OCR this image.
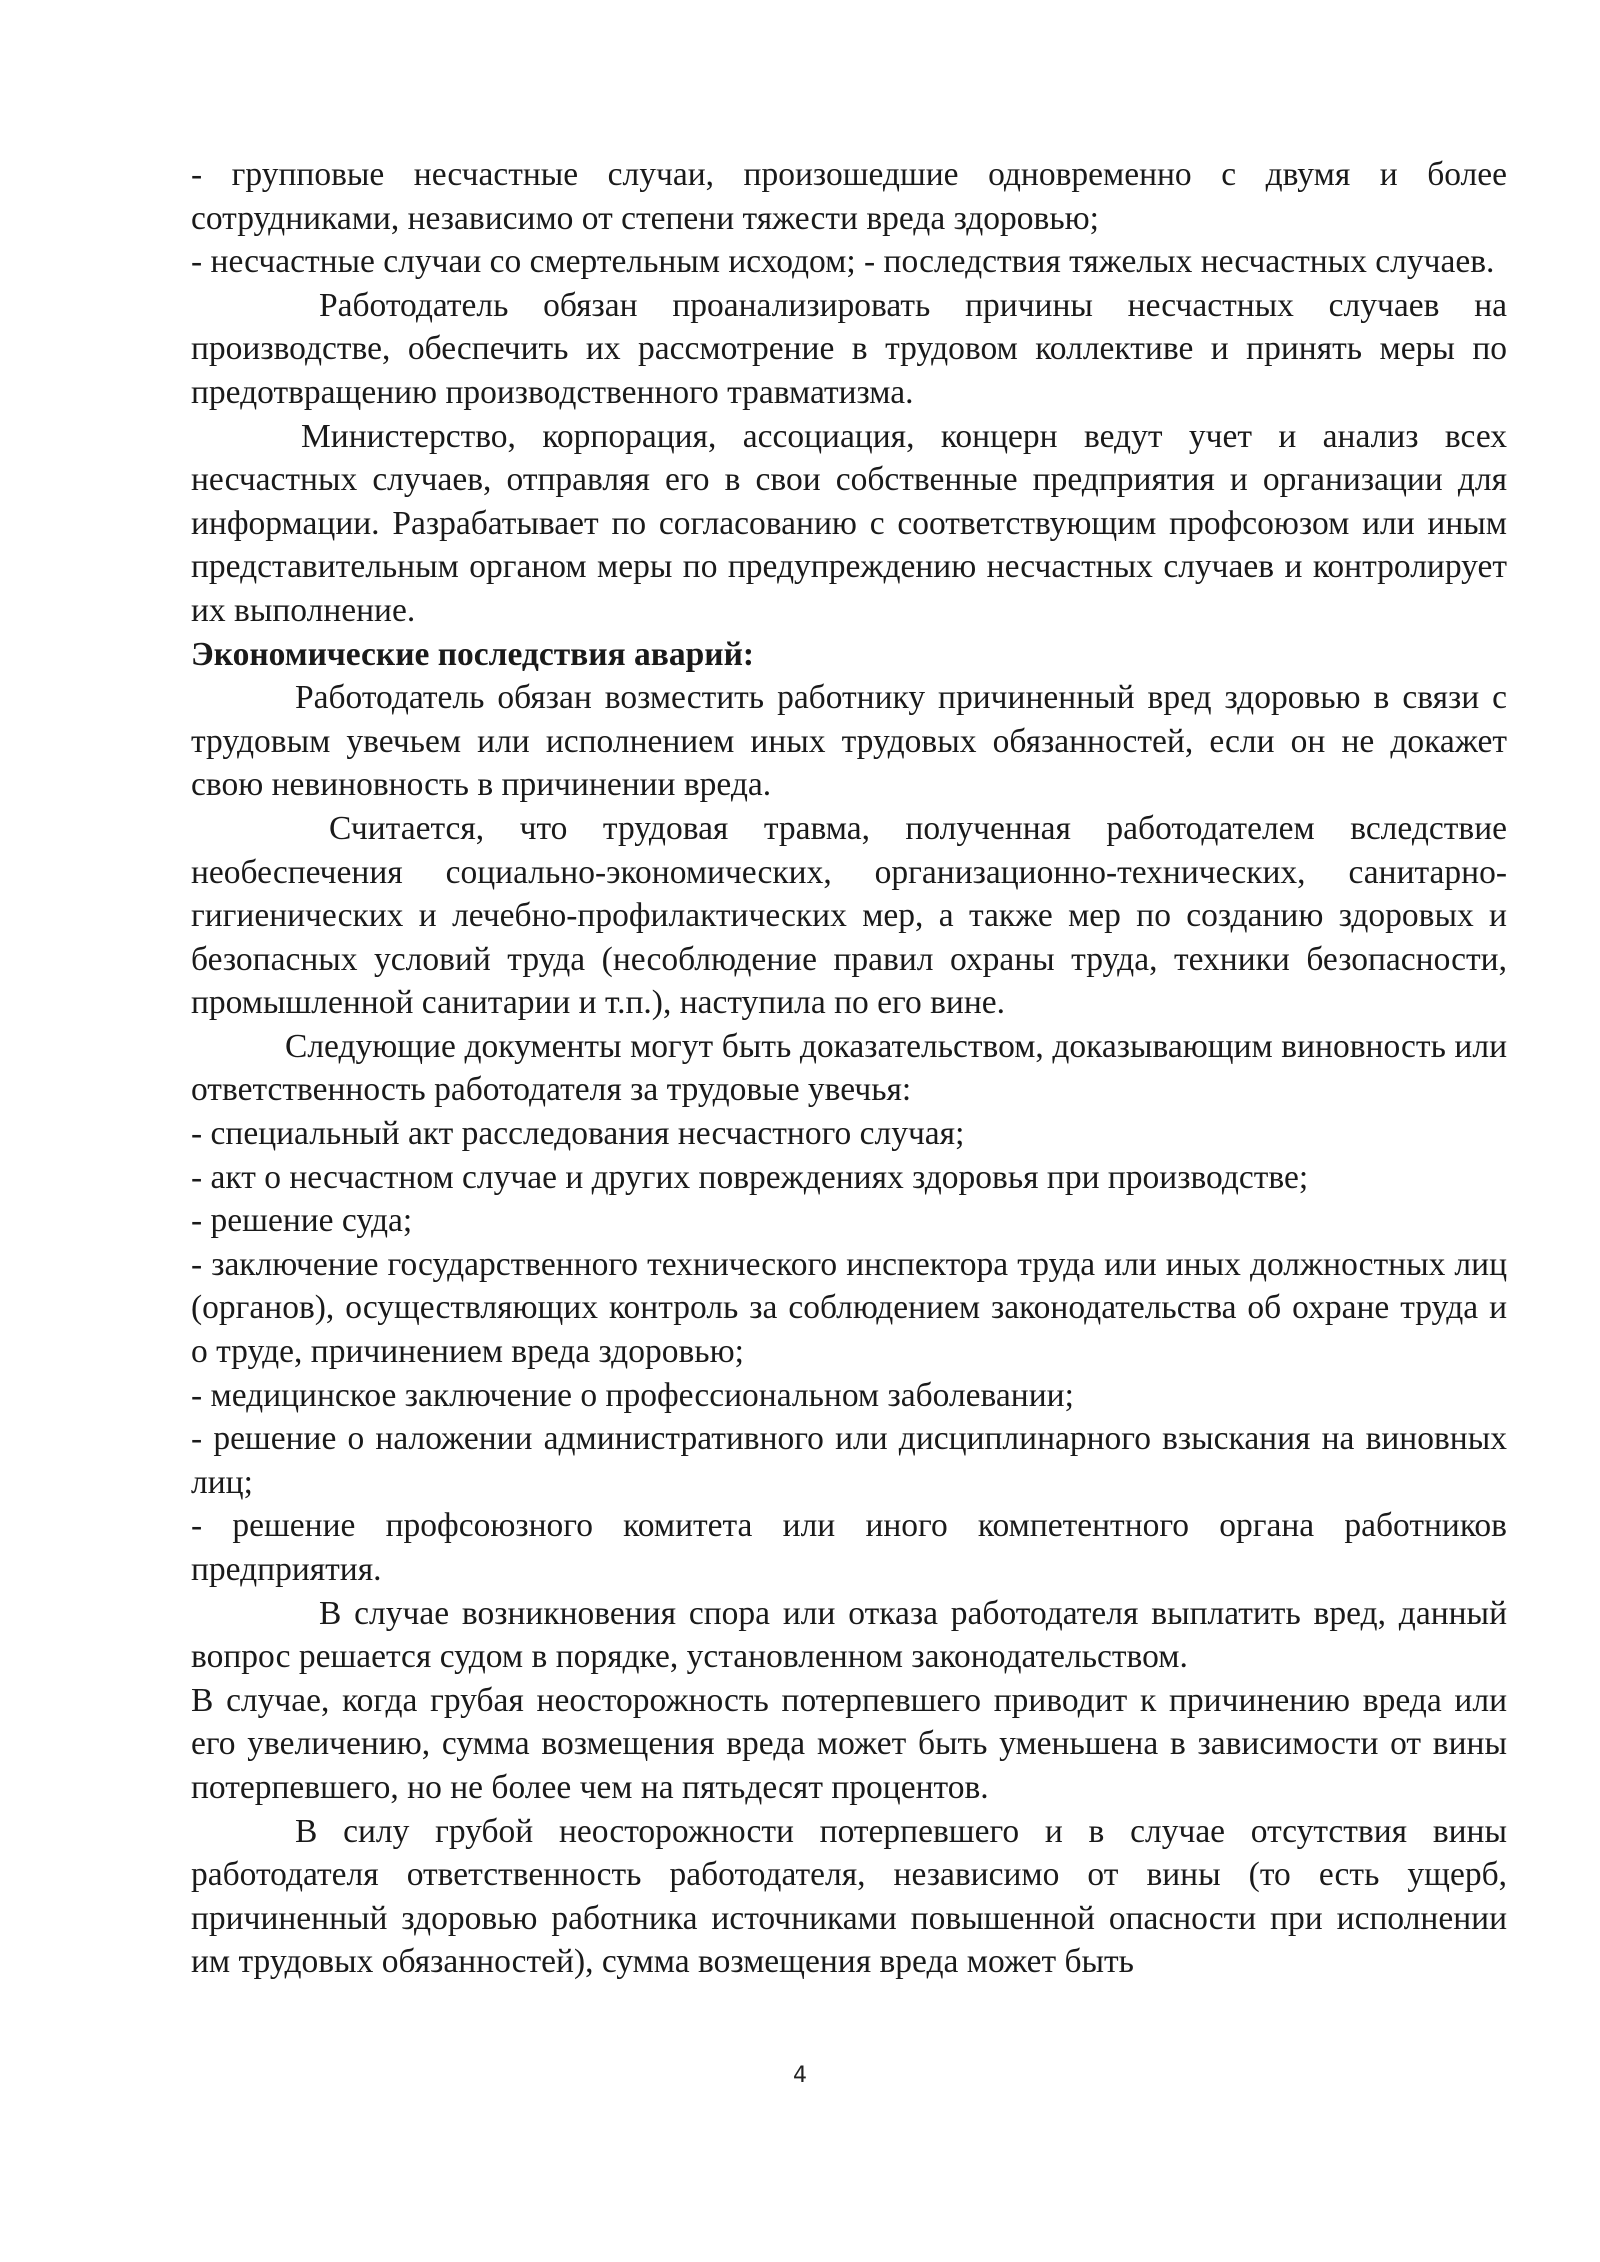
- групповые несчастные случаи, произошедшие одновременно с двумя и более сотрудниками, независимо от степени тяжести вреда здоровью;

- несчастные случаи со смертельным исходом; - последствия тяжелых несчастных случаев.

Работодатель обязан проанализировать причины несчастных случаев на производстве, обеспечить их рассмотрение в трудовом коллективе и принять меры по предотвращению производственного травматизма.

Министерство, корпорация, ассоциация, концерн ведут учет и анализ всех несчастных случаев, отправляя его в свои собственные предприятия и организации для информации. Разрабатывает по согласованию с соответствующим профсоюзом или иным представительным органом меры по предупреждению несчастных случаев и контролирует их выполнение.

Экономические последствия аварий:

Работодатель обязан возместить работнику причиненный вред здоровью в связи с трудовым увечьем или исполнением иных трудовых обязанностей, если он не докажет свою невиновность в причинении вреда.

Считается, что трудовая травма, полученная работодателем вследствие необеспечения социально-экономических, организационно-технических, санитарно-гигиенических и лечебно-профилактических мер, а также мер по созданию здоровых и безопасных условий труда (несоблюдение правил охраны труда, техники безопасности, промышленной санитарии и т.п.), наступила по его вине.

Следующие документы могут быть доказательством, доказывающим виновность или ответственность работодателя за трудовые увечья:

- специальный акт расследования несчастного случая;

- акт о несчастном случае и других повреждениях здоровья при производстве;

- решение суда;

- заключение государственного технического инспектора труда или иных должностных лиц (органов), осуществляющих контроль за соблюдением законодательства об охране труда и о труде, причинением вреда здоровью;

- медицинское заключение о профессиональном заболевании;

- решение о наложении административного или дисциплинарного взыскания на виновных лиц;

- решение профсоюзного комитета или иного компетентного органа работников предприятия.

В случае возникновения спора или отказа работодателя выплатить вред, данный вопрос решается судом в порядке, установленном законодательством.

В случае, когда грубая неосторожность потерпевшего приводит к причинению вреда или его увеличению, сумма возмещения вреда может быть уменьшена в зависимости от вины потерпевшего, но не более чем на пятьдесят процентов.

В силу грубой неосторожности потерпевшего и в случае отсутствия вины работодателя ответственность работодателя, независимо от вины (то есть ущерб, причиненный здоровью работника источниками повышенной опасности при исполнении им трудовых обязанностей), сумма возмещения вреда может быть

4
